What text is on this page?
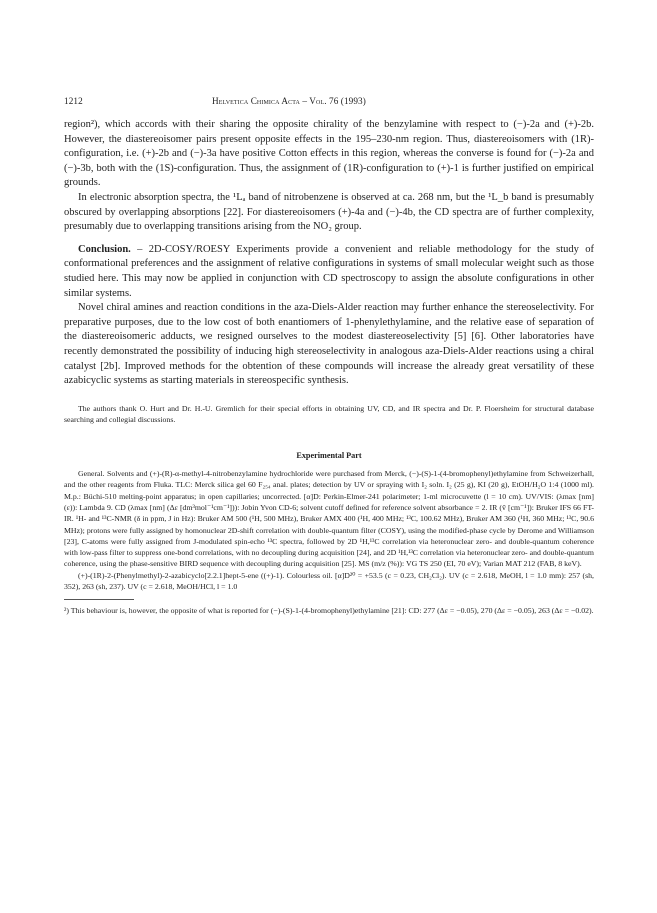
1212	Helvetica Chimica Acta – Vol. 76 (1993)

region²), which accords with their sharing the opposite chirality of the benzylamine with respect to (−)-2a and (+)-2b. However, the diastereoisomer pairs present opposite effects in the 195–230-nm region. Thus, diastereoisomers with (1R)-configuration, i.e. (+)-2b and (−)-3a have positive Cotton effects in this region, whereas the converse is found for (−)-2a and (−)-3b, both with the (1S)-configuration. Thus, the assignment of (1R)-configuration to (+)-1 is further justified on empirical grounds.

In electronic absorption spectra, the ¹Lₐ band of nitrobenzene is observed at ca. 268 nm, but the ¹L_b band is presumably obscured by overlapping absorptions [22]. For diastereoisomers (+)-4a and (−)-4b, the CD spectra are of further complexity, presumably due to overlapping transitions arising from the NO₂ group.

Conclusion. – 2D-COSY/ROESY Experiments provide a convenient and reliable methodology for the study of conformational preferences and the assignment of relative configurations in systems of small molecular weight such as those studied here. This may now be applied in conjunction with CD spectroscopy to assign the absolute configurations in other similar systems.

Novel chiral amines and reaction conditions in the aza-Diels-Alder reaction may further enhance the stereoselectivity. For preparative purposes, due to the low cost of both enantiomers of 1-phenylethylamine, and the relative ease of separation of the diastereoisomeric adducts, we resigned ourselves to the modest diastereoselectivity [5] [6]. Other laboratories have recently demonstrated the possibility of inducing high stereoselectivity in analogous aza-Diels-Alder reactions using a chiral catalyst [2b]. Improved methods for the obtention of these compounds will increase the already great versatility of these azabicyclic systems as starting materials in stereospecific synthesis.

The authors thank O. Hurt and Dr. H.-U. Gremlich for their special efforts in obtaining UV, CD, and IR spectra and Dr. P. Floersheim for structural database searching and collegial discussions.

Experimental Part

General. Solvents and (+)-(R)-α-methyl-4-nitrobenzylamine hydrochloride were purchased from Merck, (−)-(S)-1-(4-bromophenyl)ethylamine from Schweizerhall, and the other reagents from Fluka. TLC: Merck silica gel 60 F₂₅₄ anal. plates; detection by UV or spraying with I₂ soln. I₂ (25 g), KI (20 g), EtOH/H₂O 1:4 (1000 ml). M.p.: Büchi-510 melting-point apparatus; in open capillaries; uncorrected. [α]D: Perkin-Elmer-241 polarimeter; 1-ml microcuvette (l = 10 cm). UV/VIS: (λmax [nm] (ε)): Lambda 9. CD (λmax [nm] (Δε [dm³mol⁻¹cm⁻¹])): Jobin Yvon CD-6; solvent cutoff defined for reference solvent absorbance = 2. IR (ṽ [cm⁻¹]): Bruker IFS 66 FT-IR. ¹H- and ¹³C-NMR (δ in ppm, J in Hz): Bruker AM 500 (¹H, 500 MHz), Bruker AMX 400 (¹H, 400 MHz; ¹³C, 100.62 MHz), Bruker AM 360 (¹H, 360 MHz; ¹³C, 90.6 MHz); protons were fully assigned by homonuclear 2D-shift correlation with double-quantum filter (COSY), using the modified-phase cycle by Derome and Williamson [23], C-atoms were fully assigned from J-modulated spin-echo ¹³C spectra, followed by 2D ¹H,¹³C correlation via heteronuclear zero- and double-quantum coherence with low-pass filter to suppress one-bond correlations, with no decoupling during acquisition [24], and 2D ¹H,¹³C correlation via heteronuclear zero- and double-quantum coherence, using the phase-sensitive BIRD sequence with decoupling during acquisition [25]. MS (m/z (%)): VG TS 250 (EI, 70 eV); Varian MAT 212 (FAB, 8 keV).

(+)-(1R)-2-(Phenylmethyl)-2-azabicyclo[2.2.1]hept-5-ene ((+)-1). Colourless oil. [α]D²⁰ = +53.5 (c = 0.23, CH₂Cl₂). UV (c = 2.618, MeOH, l = 1.0 mm): 257 (sh, 352), 263 (sh, 237). UV (c = 2.618, MeOH/HCl, l = 1.0

²) This behaviour is, however, the opposite of what is reported for (−)-(S)-1-(4-bromophenyl)ethylamine [21]: CD: 277 (Δε = −0.05), 270 (Δε = −0.05), 263 (Δε = −0.02).
